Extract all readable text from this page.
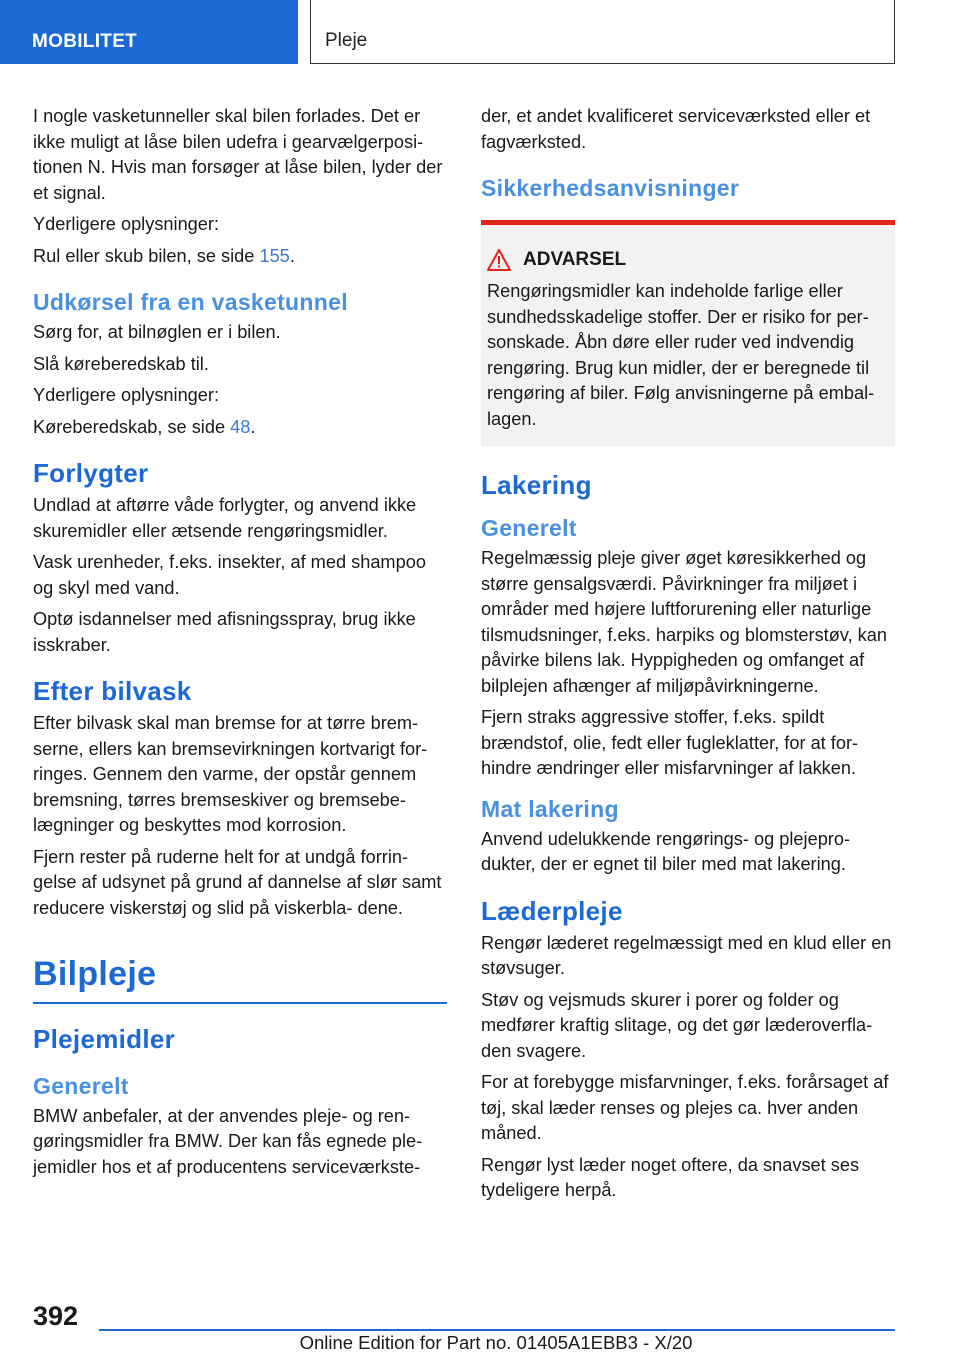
MOBILITET	Pleje

I nogle vasketunneller skal bilen forlades. Det er ikke muligt at låse bilen udefra i gearvælgerposi- tionen N. Hvis man forsøger at låse bilen, lyder der et signal.

Yderligere oplysninger:

Rul eller skub bilen, se side 155.

Udkørsel fra en vasketunnel

Sørg for, at bilnøglen er i bilen.

Slå køreberedskab til.

Yderligere oplysninger:

Køreberedskab, se side 48.

Forlygter

Undlad at aftørre våde forlygter, og anvend ikke skuremidler eller ætsende rengøringsmidler.

Vask urenheder, f.eks. insekter, af med shampoo og skyl med vand.

Optø isdannelser med afisningsspray, brug ikke isskraber.

Efter bilvask

Efter bilvask skal man bremse for at tørre brem- serne, ellers kan bremsevirkningen kortvarigt for- ringes. Gennem den varme, der opstår gennem bremsning, tørres bremseskiver og bremsebe- lægninger og beskyttes mod korrosion.

Fjern rester på ruderne helt for at undgå forrin- gelse af udsynet på grund af dannelse af slør samt reducere viskerstøj og slid på viskerbla- dene.

Bilpleje
Plejemidler
Generelt

BMW anbefaler, at der anvendes pleje- og ren- gøringsmidler fra BMW. Der kan fås egnede ple- jemidler hos et af producentens serviceværkste-

der, et andet kvalificeret serviceværksted eller et fagværksted.

Sikkerhedsanvisninger
ADVARSEL

Rengøringsmidler kan indeholde farlige eller sundhedsskadelige stoffer. Der er risiko for per- sonskade. Åbn døre eller ruder ved indvendig rengøring. Brug kun midler, der er beregnede til rengøring af biler. Følg anvisningerne på embal- lagen.

Lakering
Generelt

Regelmæssig pleje giver øget køresikkerhed og større gensalgsværdi. Påvirkninger fra miljøet i områder med højere luftforurening eller naturlige tilsmudsninger, f.eks. harpiks og blomsterstøv, kan påvirke bilens lak. Hyppigheden og omfanget af bilplejen afhænger af miljøpåvirkningerne.

Fjern straks aggressive stoffer, f.eks. spildt brændstof, olie, fedt eller fugleklatter, for at for- hindre ændringer eller misfarvninger af lakken.

Mat lakering

Anvend udelukkende rengørings- og plejepro- dukter, der er egnet til biler med mat lakering.

Læderpleje

Rengør læderet regelmæssigt med en klud eller en støvsuger.

Støv og vejsmuds skurer i porer og folder og medfører kraftig slitage, og det gør læderoverfla- den svagere.

For at forebygge misfarvninger, f.eks. forårsaget af tøj, skal læder renses og plejes ca. hver anden måned.

Rengør lyst læder noget oftere, da snavset ses tydeligere herpå.

392
Online Edition for Part no. 01405A1EBB3 - X/20
